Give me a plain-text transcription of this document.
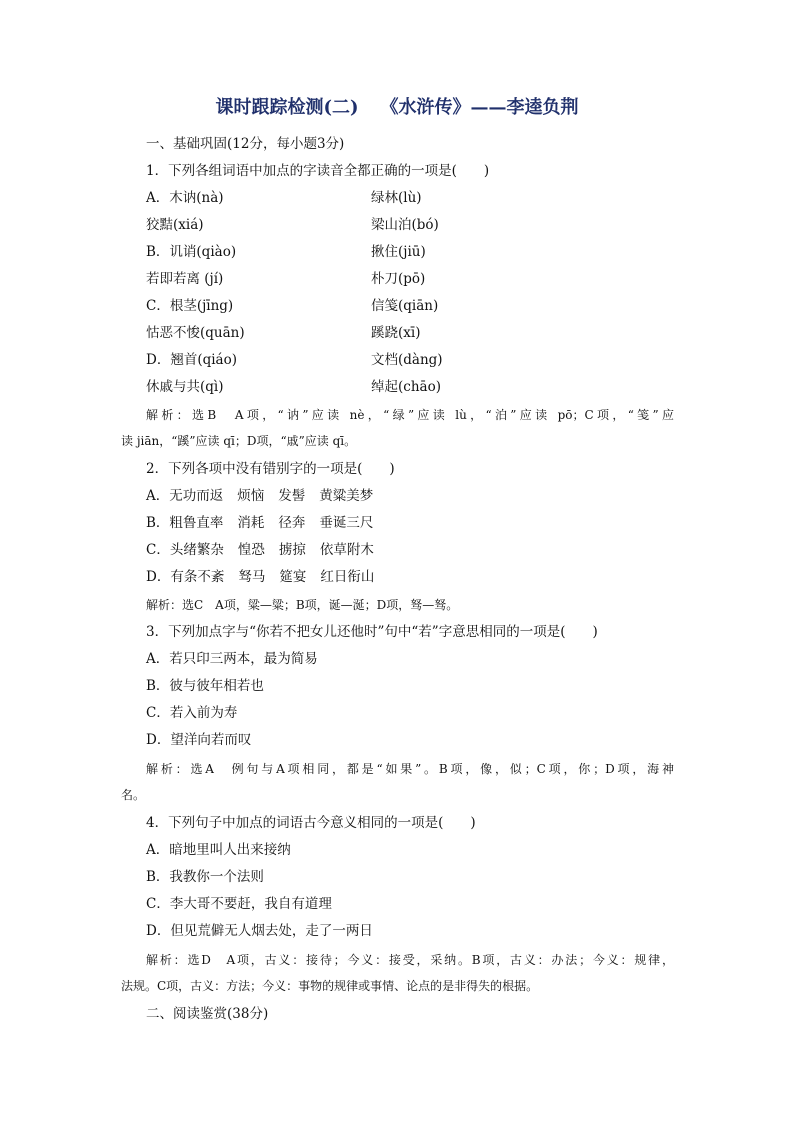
课时跟踪检测(二) 《水浒传》——李逵负荆
一、基础巩固(12分，每小题3分)
1．下列各组词语中加点的字读音全都正确的一项是(　　)
A．木讷(nà)	绿林(lù)
狡黠(xiá)	梁山泊(bó)
B．讥诮(qiào)	揪住(jiū)
若即若离 (jí)	朴刀(pō)
C．根茎(jīng)	信笺(qiān)
怙恶不悛(quān)	蹊跷(xī)
D．翘首(qiáo)	文档(dàng)
休戚与共(qì)	绰起(chāo)
解析：选B　A项，“讷”应读 nè，“绿”应读 lù，“泊”应读 pō；C项，“笺”应
读 jiān，“蹊”应读 qī；D项，“戚”应读 qī。
2．下列各项中没有错别字的一项是(　　)
A．无功而返 烦恼 发髻 黄粱美梦
B．粗鲁直率 消耗 径奔 垂诞三尺
C．头绪繁杂 惶恐 掳掠 依草附木
D．有条不紊 驽马 筵宴 红日衔山
解析：选C　A项，粱—粱；B项，诞—涎；D项，驽—驽。
3．下列加点字与“你若不把女儿还他时”句中“若”字意思相同的一项是(　　)
A．若只印三两本，最为简易
B．彼与彼年相若也
C．若入前为寿
D．望洋向若而叹
解析：选A　例句与A项相同，都是“如果”。B项，像，似；C项，你；D项，海神
名。
4．下列句子中加点的词语古今意义相同的一项是(　　)
A．暗地里叫人出来接纳
B．我教你一个法则
C．李大哥不要赶，我自有道理
D．但见荒僻无人烟去处，走了一两日
解析：选D　A项，古义：接待；今义：接受，采纳。B项，古义：办法；今义：规律，
法规。C项，古义：方法；今义：事物的规律或事情、论点的是非得失的根据。
二、阅读鉴赏(38分)
